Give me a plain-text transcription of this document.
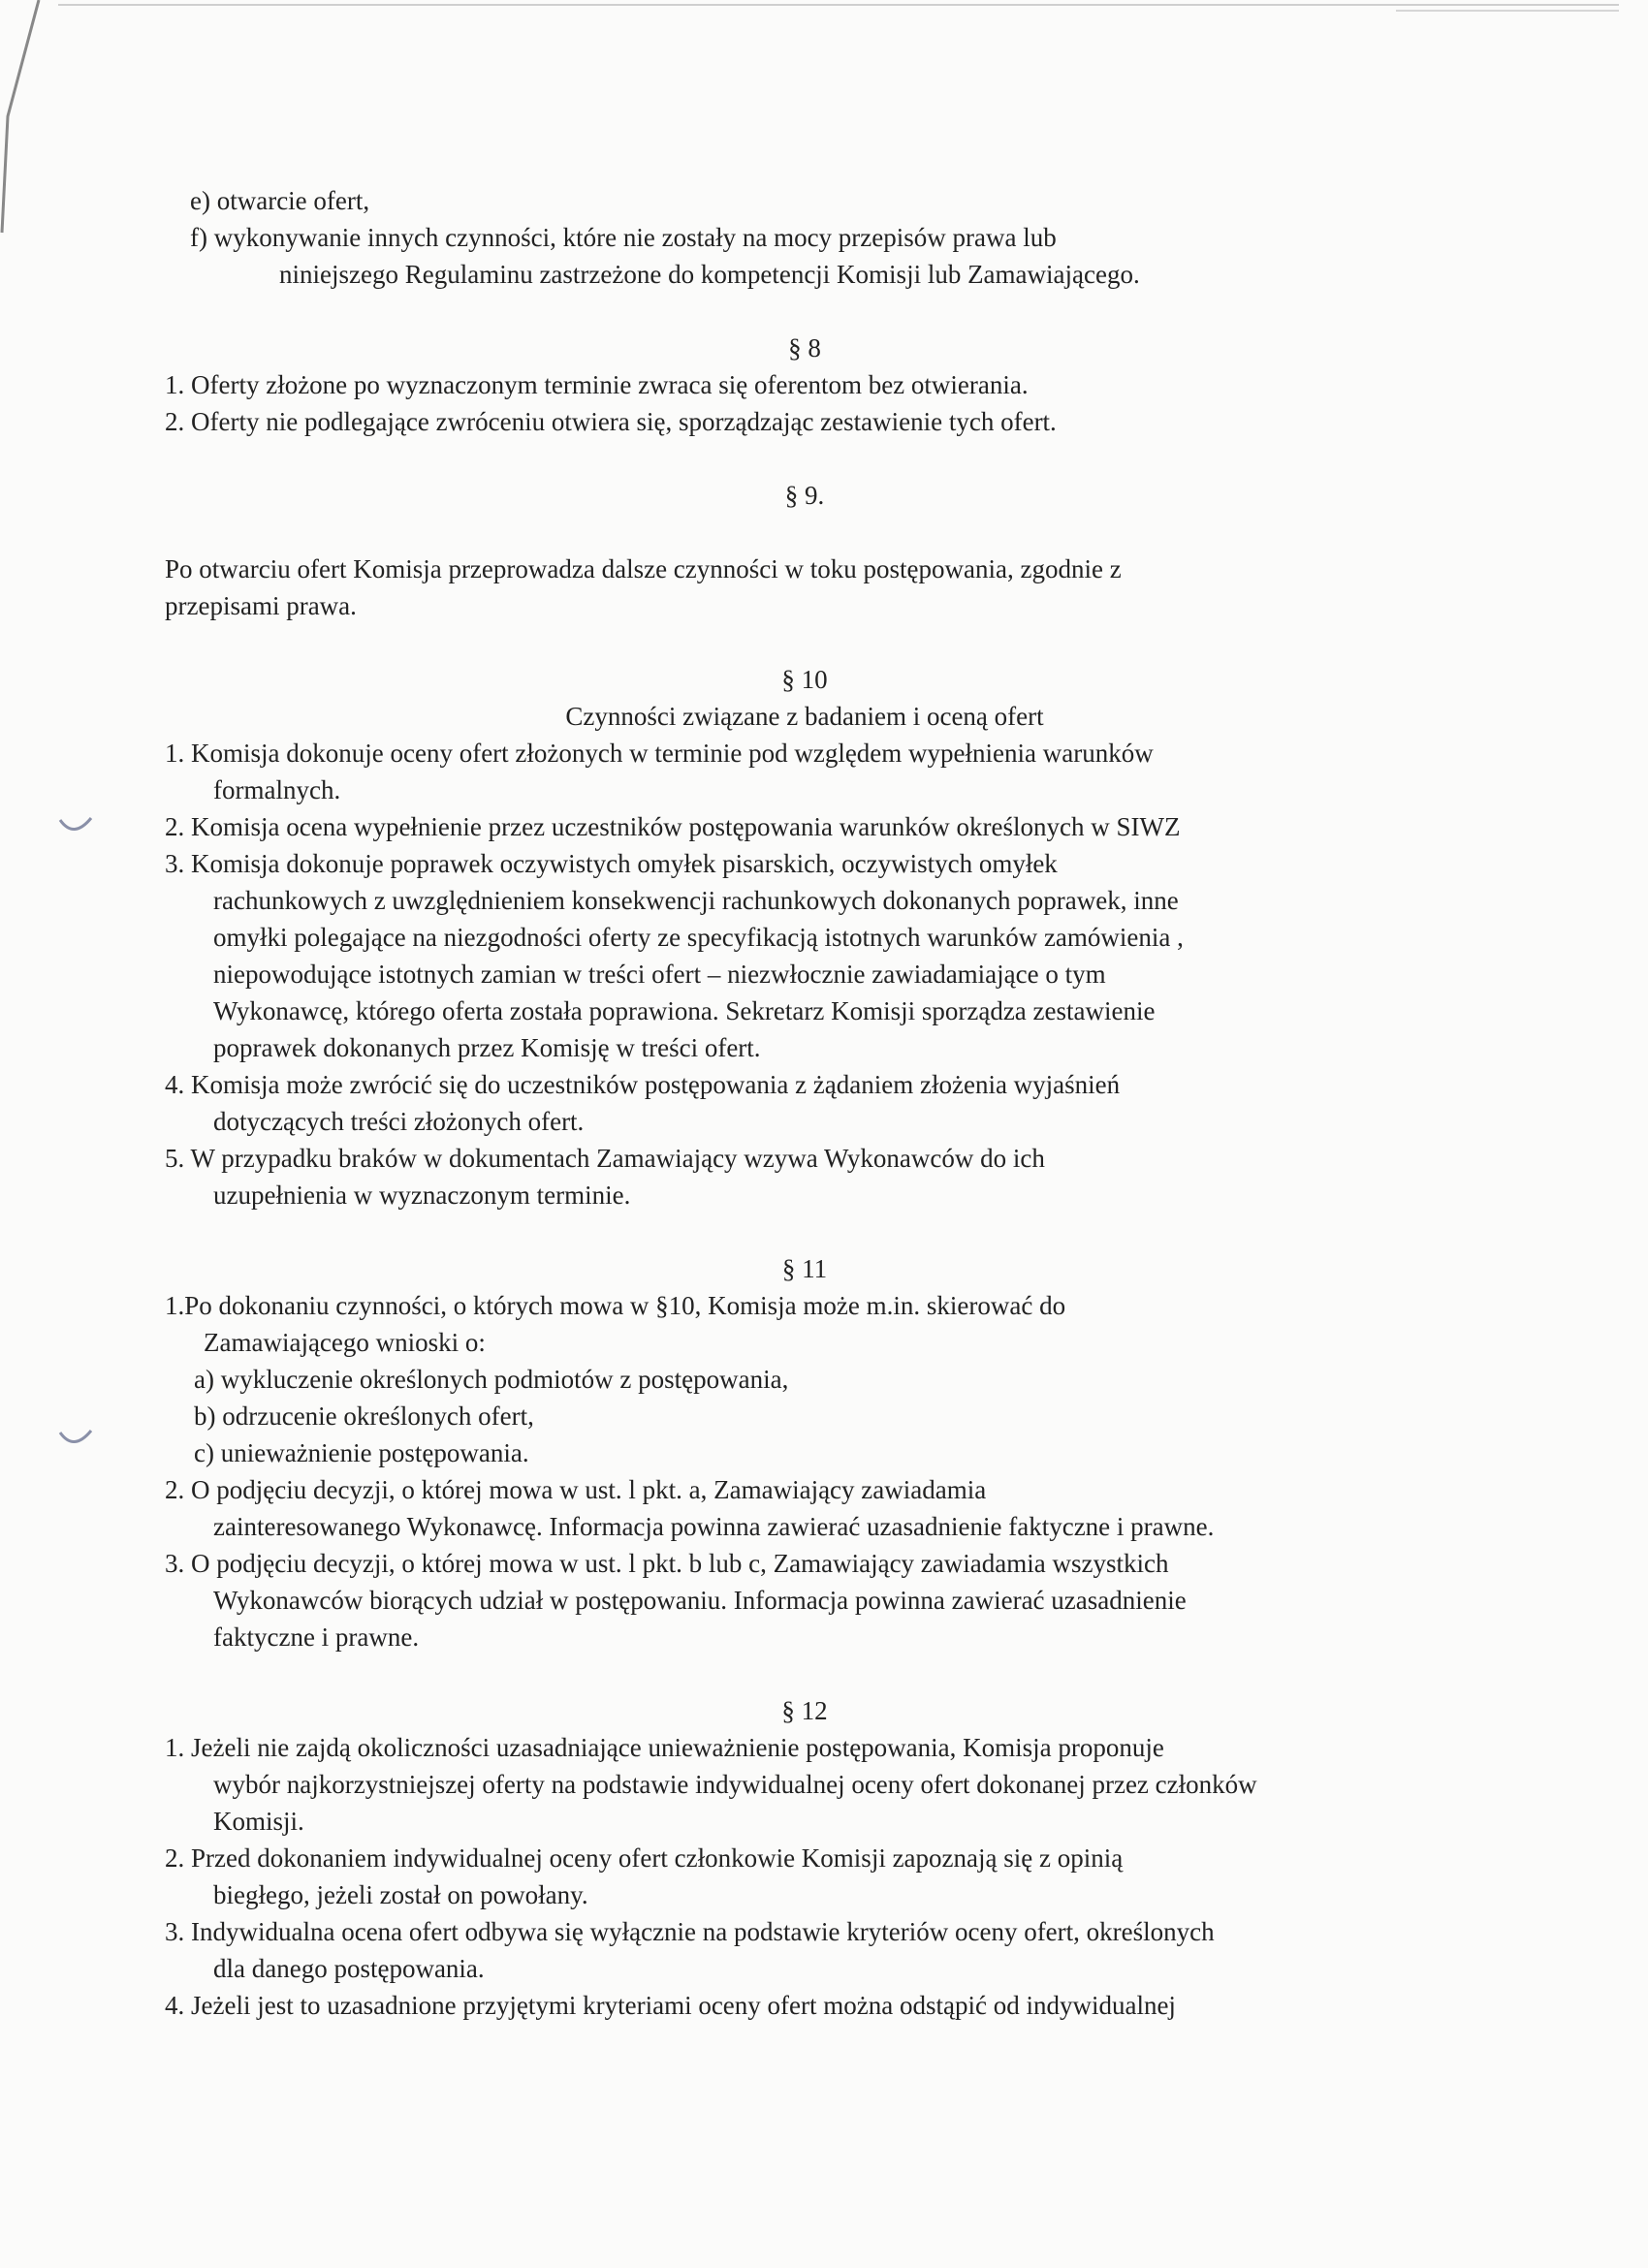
e) otwarcie ofert,
f) wykonywanie innych czynności, które nie zostały na mocy przepisów prawa lub
niniejszego Regulaminu zastrzeżone do kompetencji Komisji lub Zamawiającego.
§ 8
1. Oferty złożone po wyznaczonym terminie zwraca się oferentom bez otwierania.
2. Oferty nie podlegające zwróceniu otwiera się, sporządzając zestawienie tych ofert.
§ 9.
Po otwarciu ofert Komisja przeprowadza dalsze czynności w toku postępowania, zgodnie z
przepisami prawa.
§ 10
Czynności związane z badaniem i oceną ofert
1. Komisja dokonuje oceny ofert złożonych w terminie pod względem wypełnienia warunków
formalnych.
2. Komisja ocena wypełnienie przez uczestników postępowania warunków określonych w SIWZ
3. Komisja dokonuje poprawek oczywistych omyłek pisarskich, oczywistych omyłek
rachunkowych z uwzględnieniem konsekwencji rachunkowych dokonanych poprawek, inne
omyłki polegające na niezgodności oferty ze specyfikacją istotnych warunków zamówienia ,
niepowodujące istotnych zamian w treści ofert – niezwłocznie zawiadamiające o tym
Wykonawcę, którego oferta została poprawiona. Sekretarz Komisji sporządza zestawienie
poprawek dokonanych przez Komisję w treści ofert.
4. Komisja może zwrócić się do uczestników postępowania z żądaniem złożenia wyjaśnień
dotyczących treści złożonych ofert.
5. W przypadku braków w dokumentach Zamawiający wzywa Wykonawców do ich
uzupełnienia w wyznaczonym terminie.
§ 11
1.Po dokonaniu czynności, o których mowa w §10, Komisja może m.in. skierować do
Zamawiającego wnioski o:
a) wykluczenie określonych podmiotów z postępowania,
b) odrzucenie określonych ofert,
c) unieważnienie postępowania.
2. O podjęciu decyzji, o której mowa w ust. l pkt. a, Zamawiający zawiadamia
zainteresowanego Wykonawcę. Informacja powinna zawierać uzasadnienie faktyczne i prawne.
3. O podjęciu decyzji, o której mowa w ust. l pkt. b lub c, Zamawiający zawiadamia wszystkich
Wykonawców biorących udział w postępowaniu. Informacja powinna zawierać uzasadnienie
faktyczne i prawne.
§ 12
1. Jeżeli nie zajdą okoliczności uzasadniające unieważnienie postępowania, Komisja proponuje
wybór najkorzystniejszej oferty na podstawie indywidualnej oceny ofert dokonanej przez członków
Komisji.
2. Przed dokonaniem indywidualnej oceny ofert członkowie Komisji zapoznają się z opinią
biegłego, jeżeli został on powołany.
3. Indywidualna ocena ofert odbywa się wyłącznie na podstawie kryteriów oceny ofert, określonych
dla danego postępowania.
4. Jeżeli jest to uzasadnione przyjętymi kryteriami oceny ofert można odstąpić od indywidualnej
